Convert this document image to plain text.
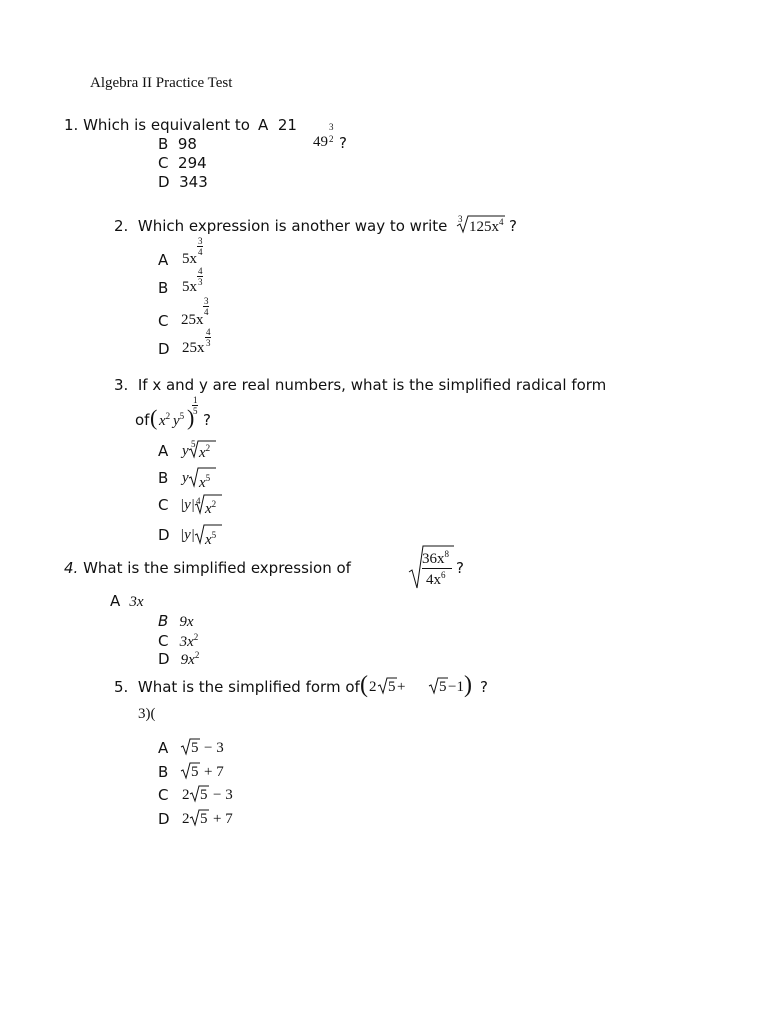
Algebra II Practice Test
1. Which is equivalent to A 21	3
49 2 ?
B 98
C 294
D 343
2. Which expression is another way to write 3 $125x^4$ ?
A 5x
3
4
B 5x
4
3
C 25x
3
4
D 25x
4
3
3. If x and y are real numbers, what is the simplified radical form
of ( $x^2$ $y^5$ )
1
5 ?
A y 5
$x^2$
B y $x^5$
C |y| 4 $x^2$
D |y| $x^5$
4. What is the simplified expression of	$36x^8$
$4x^6$ ?
A 3x
B 9x
C $3x^2$
D $9x^2$
5. What is the simplified form of ( 2 5 + 5 −1 ) ?
3)(
A 5 − 3
B 5 + 7
C 2 5 − 3
D 2 5 + 7
